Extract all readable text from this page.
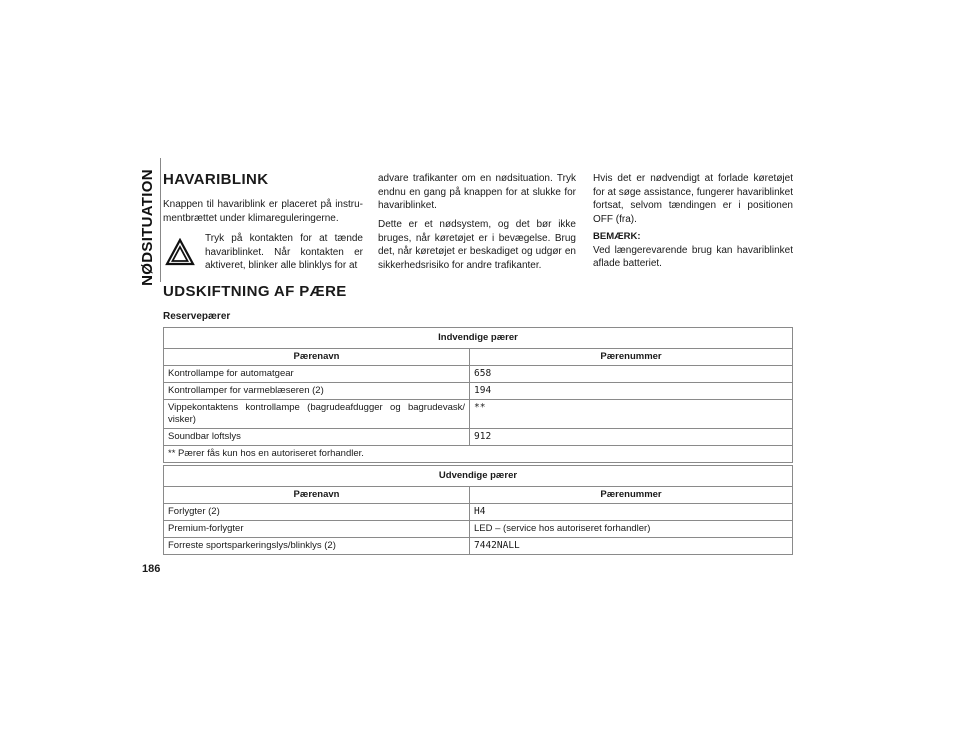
NØDSITUATION HAVARIBLINK

Knappen til havariblink er placeret på instru-mentbrættet under klimareguleringerne.

Tryk på kontakten for at tænde havariblinket. Når kontakten er aktiveret, blinker alle blinklys for at

advare trafikanter om en nødsituation. Tryk endnu en gang på knappen for at slukke for havariblinket.

Dette er et nødsystem, og det bør ikke bruges, når køretøjet er i bevægelse. Brug det, når køretøjet er beskadiget og udgør en sikkerhedsrisiko for andre trafikanter.

Hvis det er nødvendigt at forlade køretøjet for at søge assistance, fungerer havariblinket fortsat, selvom tændingen er i positionen OFF (fra).

BEMÆRK:
Ved længerevarende brug kan havariblinket aflade batteriet.
UDSKIFTNING AF PÆRE
Reservepærer
Indvendige pærer	
Pærenavn	Pærenummer
Kontrollampe for automatgear	658
Kontrollamper for varmeblæseren (2)	194
Vippekontaktens kontrollampe (bagrudeafdugger og bagrudevask/ visker)	**
Soundbar loftslys	912
** Pærer fås kun hos en autoriseret forhandler.	
Udvendige pærer	
Pærenavn	Pærenummer
Forlygter (2)	H4
Premium-forlygter	LED – (service hos autoriseret forhandler)
Forreste sportsparkeringslys/blinklys (2)	7442NALL
186
